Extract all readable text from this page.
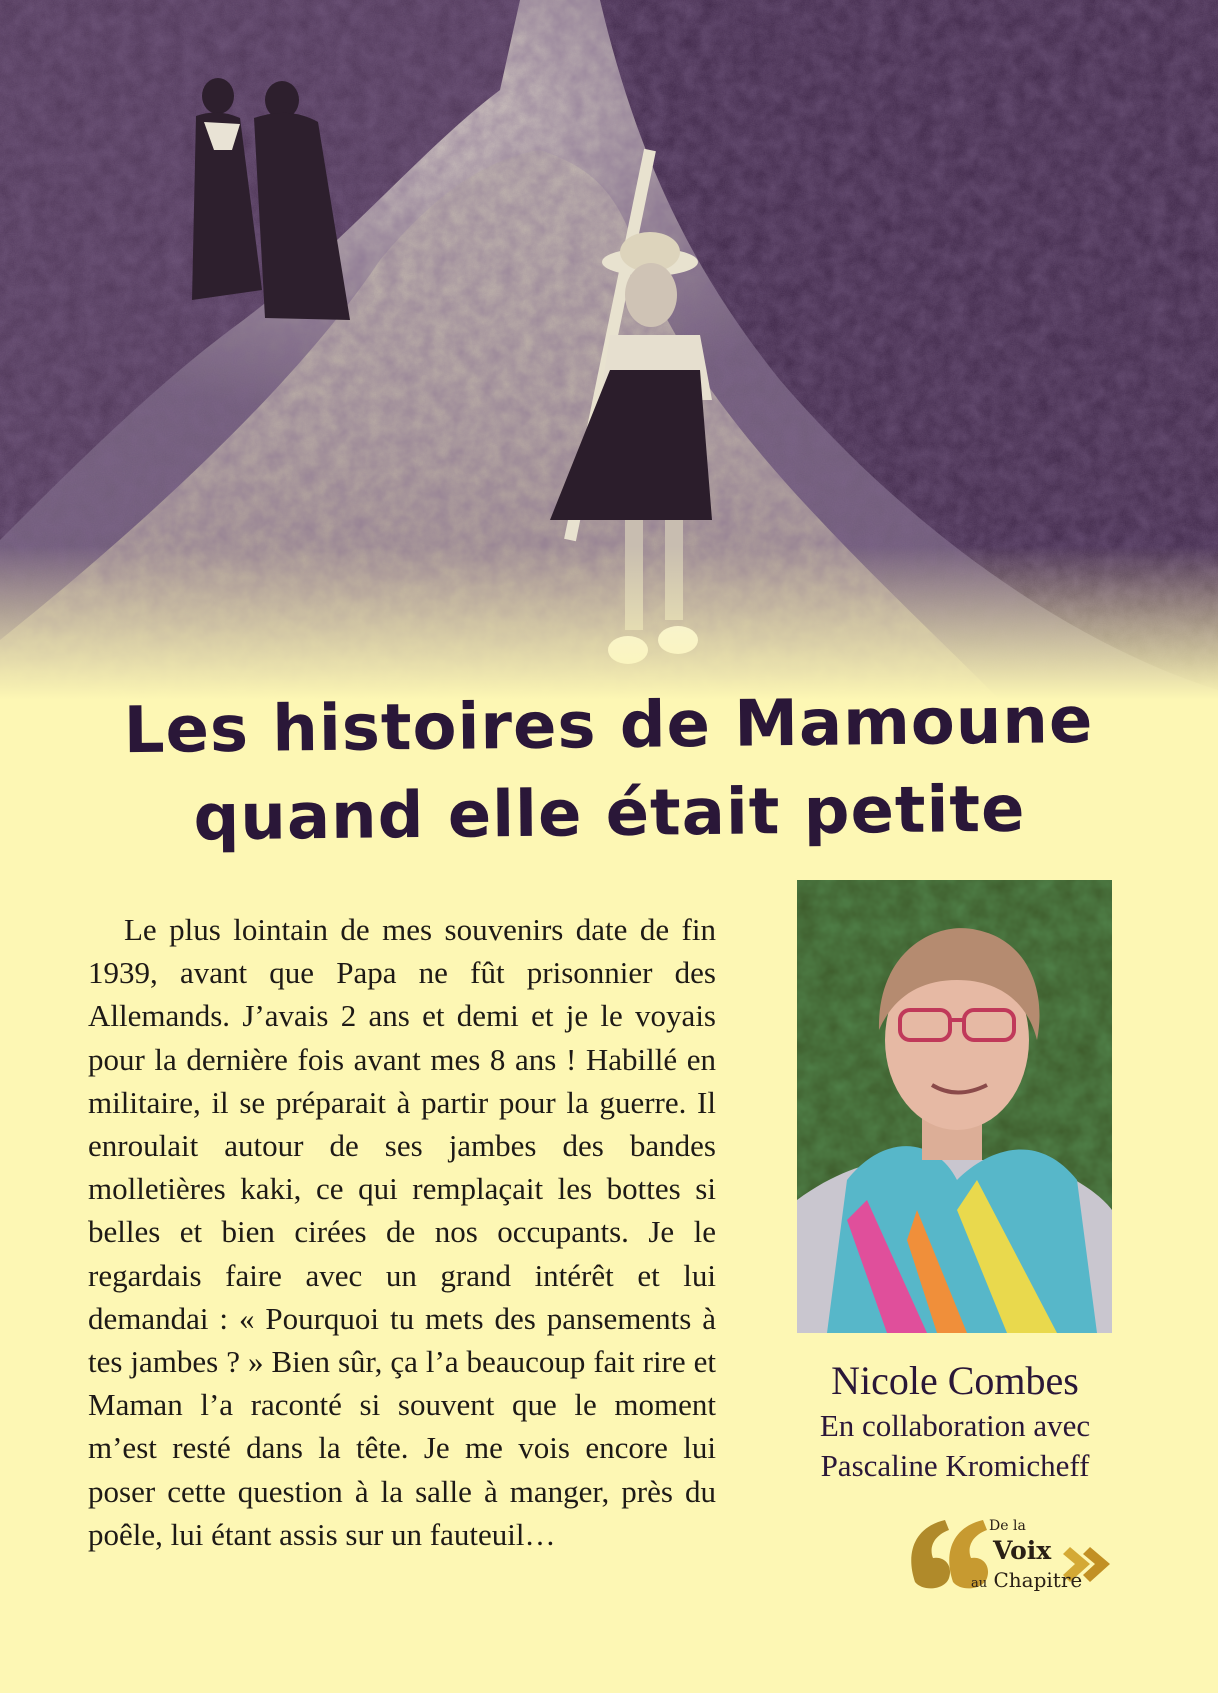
Les histoires de Mamoune
quand elle était petite

Le plus lointain de mes souvenirs date de fin 1939, avant que Papa ne fût prisonnier des Allemands. J’avais 2 ans et demi et je le voyais pour la dernière fois avant mes 8 ans ! Habillé en militaire, il se préparait à partir pour la guerre. Il enroulait autour de ses jambes des bandes molletières kaki, ce qui remplaçait les bottes si belles et bien cirées de nos occupants. Je le regardais faire avec un grand intérêt et lui demandai : « Pourquoi tu mets des pansements à tes jambes ? » Bien sûr, ça l’a beaucoup fait rire et Maman l’a raconté si souvent que le moment m’est resté dans la tête. Je me vois encore lui poser cette question à la salle à manger, près du poêle, lui étant assis sur un fauteuil…

Nicole Combes
En collaboration avec
Pascaline Kromicheff
De la
Voix
au Chapitre
